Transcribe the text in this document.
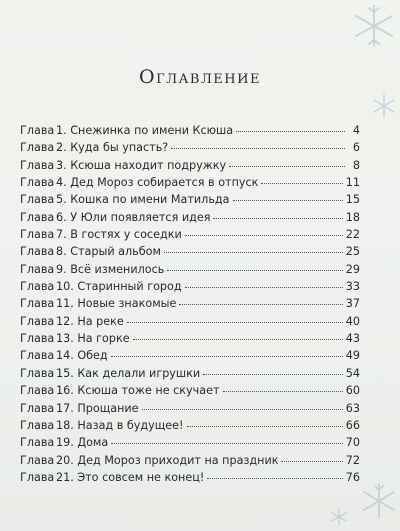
Оглавление
Глава 1. Снежинка по имени Ксюша	4
Глава 2. Куда бы упасть?	6
Глава 3. Ксюша находит подружку	8
Глава 4. Дед Мороз собирается в отпуск	11
Глава 5. Кошка по имени Матильда	15
Глава 6. У Юли появляется идея	18
Глава 7. В гостях у соседки	22
Глава 8. Старый альбом	25
Глава 9. Всё изменилось	29
Глава 10. Старинный город	33
Глава 11. Новые знакомые	37
Глава 12. На реке	40
Глава 13. На горке	43
Глава 14. Обед	49
Глава 15. Как делали игрушки	54
Глава 16. Ксюша тоже не скучает	60
Глава 17. Прощание	63
Глава 18. Назад в будущее!	66
Глава 19. Дома	70
Глава 20. Дед Мороз приходит на праздник	72
Глава 21. Это совсем не конец!	76
